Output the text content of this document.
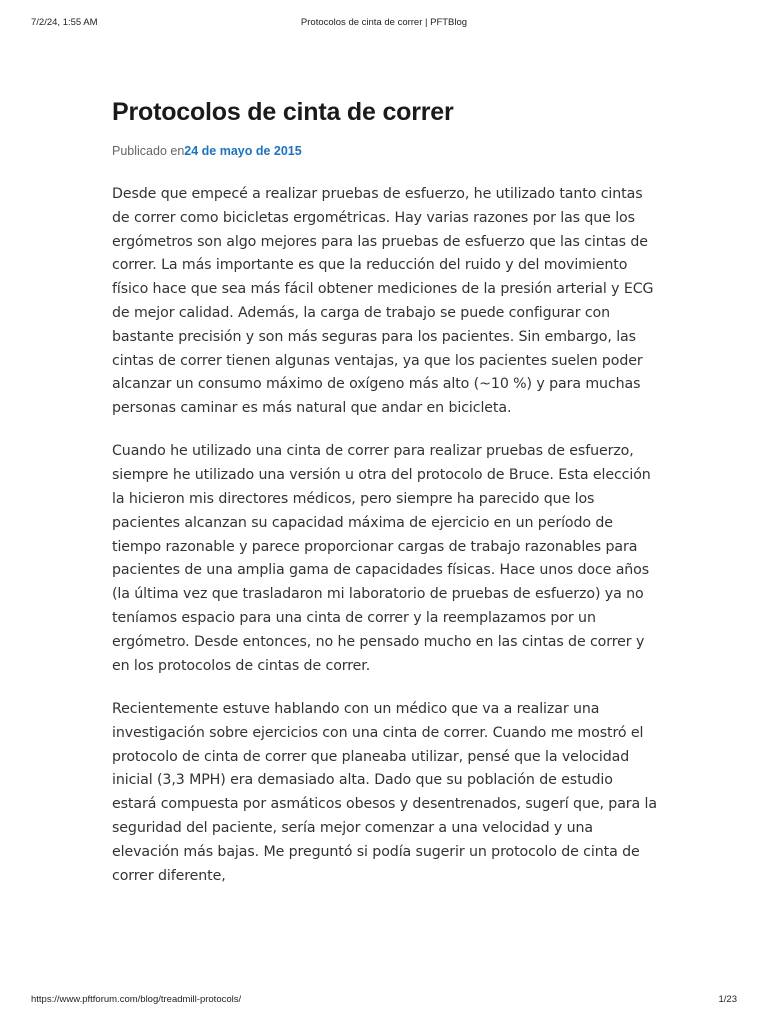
7/2/24, 1:55 AM	Protocolos de cinta de correr | PFTBlog
Protocolos de cinta de correr
Publicado en24 de mayo de 2015

Desde que empecé a realizar pruebas de esfuerzo, he utilizado tanto cintas de correr como bicicletas ergométricas. Hay varias razones por las que los ergómetros son algo mejores para las pruebas de esfuerzo que las cintas de correr. La más importante es que la reducción del ruido y del movimiento físico hace que sea más fácil obtener mediciones de la presión arterial y ECG de mejor calidad. Además, la carga de trabajo se puede configurar con bastante precisión y son más seguras para los pacientes. Sin embargo, las cintas de correr tienen algunas ventajas, ya que los pacientes suelen poder alcanzar un consumo máximo de oxígeno más alto (~10 %) y para muchas personas caminar es más natural que andar en bicicleta.

Cuando he utilizado una cinta de correr para realizar pruebas de esfuerzo, siempre he utilizado una versión u otra del protocolo de Bruce. Esta elección la hicieron mis directores médicos, pero siempre ha parecido que los pacientes alcanzan su capacidad máxima de ejercicio en un período de tiempo razonable y parece proporcionar cargas de trabajo razonables para pacientes de una amplia gama de capacidades físicas. Hace unos doce años (la última vez que trasladaron mi laboratorio de pruebas de esfuerzo) ya no teníamos espacio para una cinta de correr y la reemplazamos por un ergómetro. Desde entonces, no he pensado mucho en las cintas de correr y en los protocolos de cintas de correr.

Recientemente estuve hablando con un médico que va a realizar una investigación sobre ejercicios con una cinta de correr. Cuando me mostró el protocolo de cinta de correr que planeaba utilizar, pensé que la velocidad inicial (3,3 MPH) era demasiado alta. Dado que su población de estudio estará compuesta por asmáticos obesos y desentrenados, sugerí que, para la seguridad del paciente, sería mejor comenzar a una velocidad y una elevación más bajas. Me preguntó si podía sugerir un protocolo de cinta de correr diferente,

https://www.pftforum.com/blog/treadmill-protocols/	1/23
